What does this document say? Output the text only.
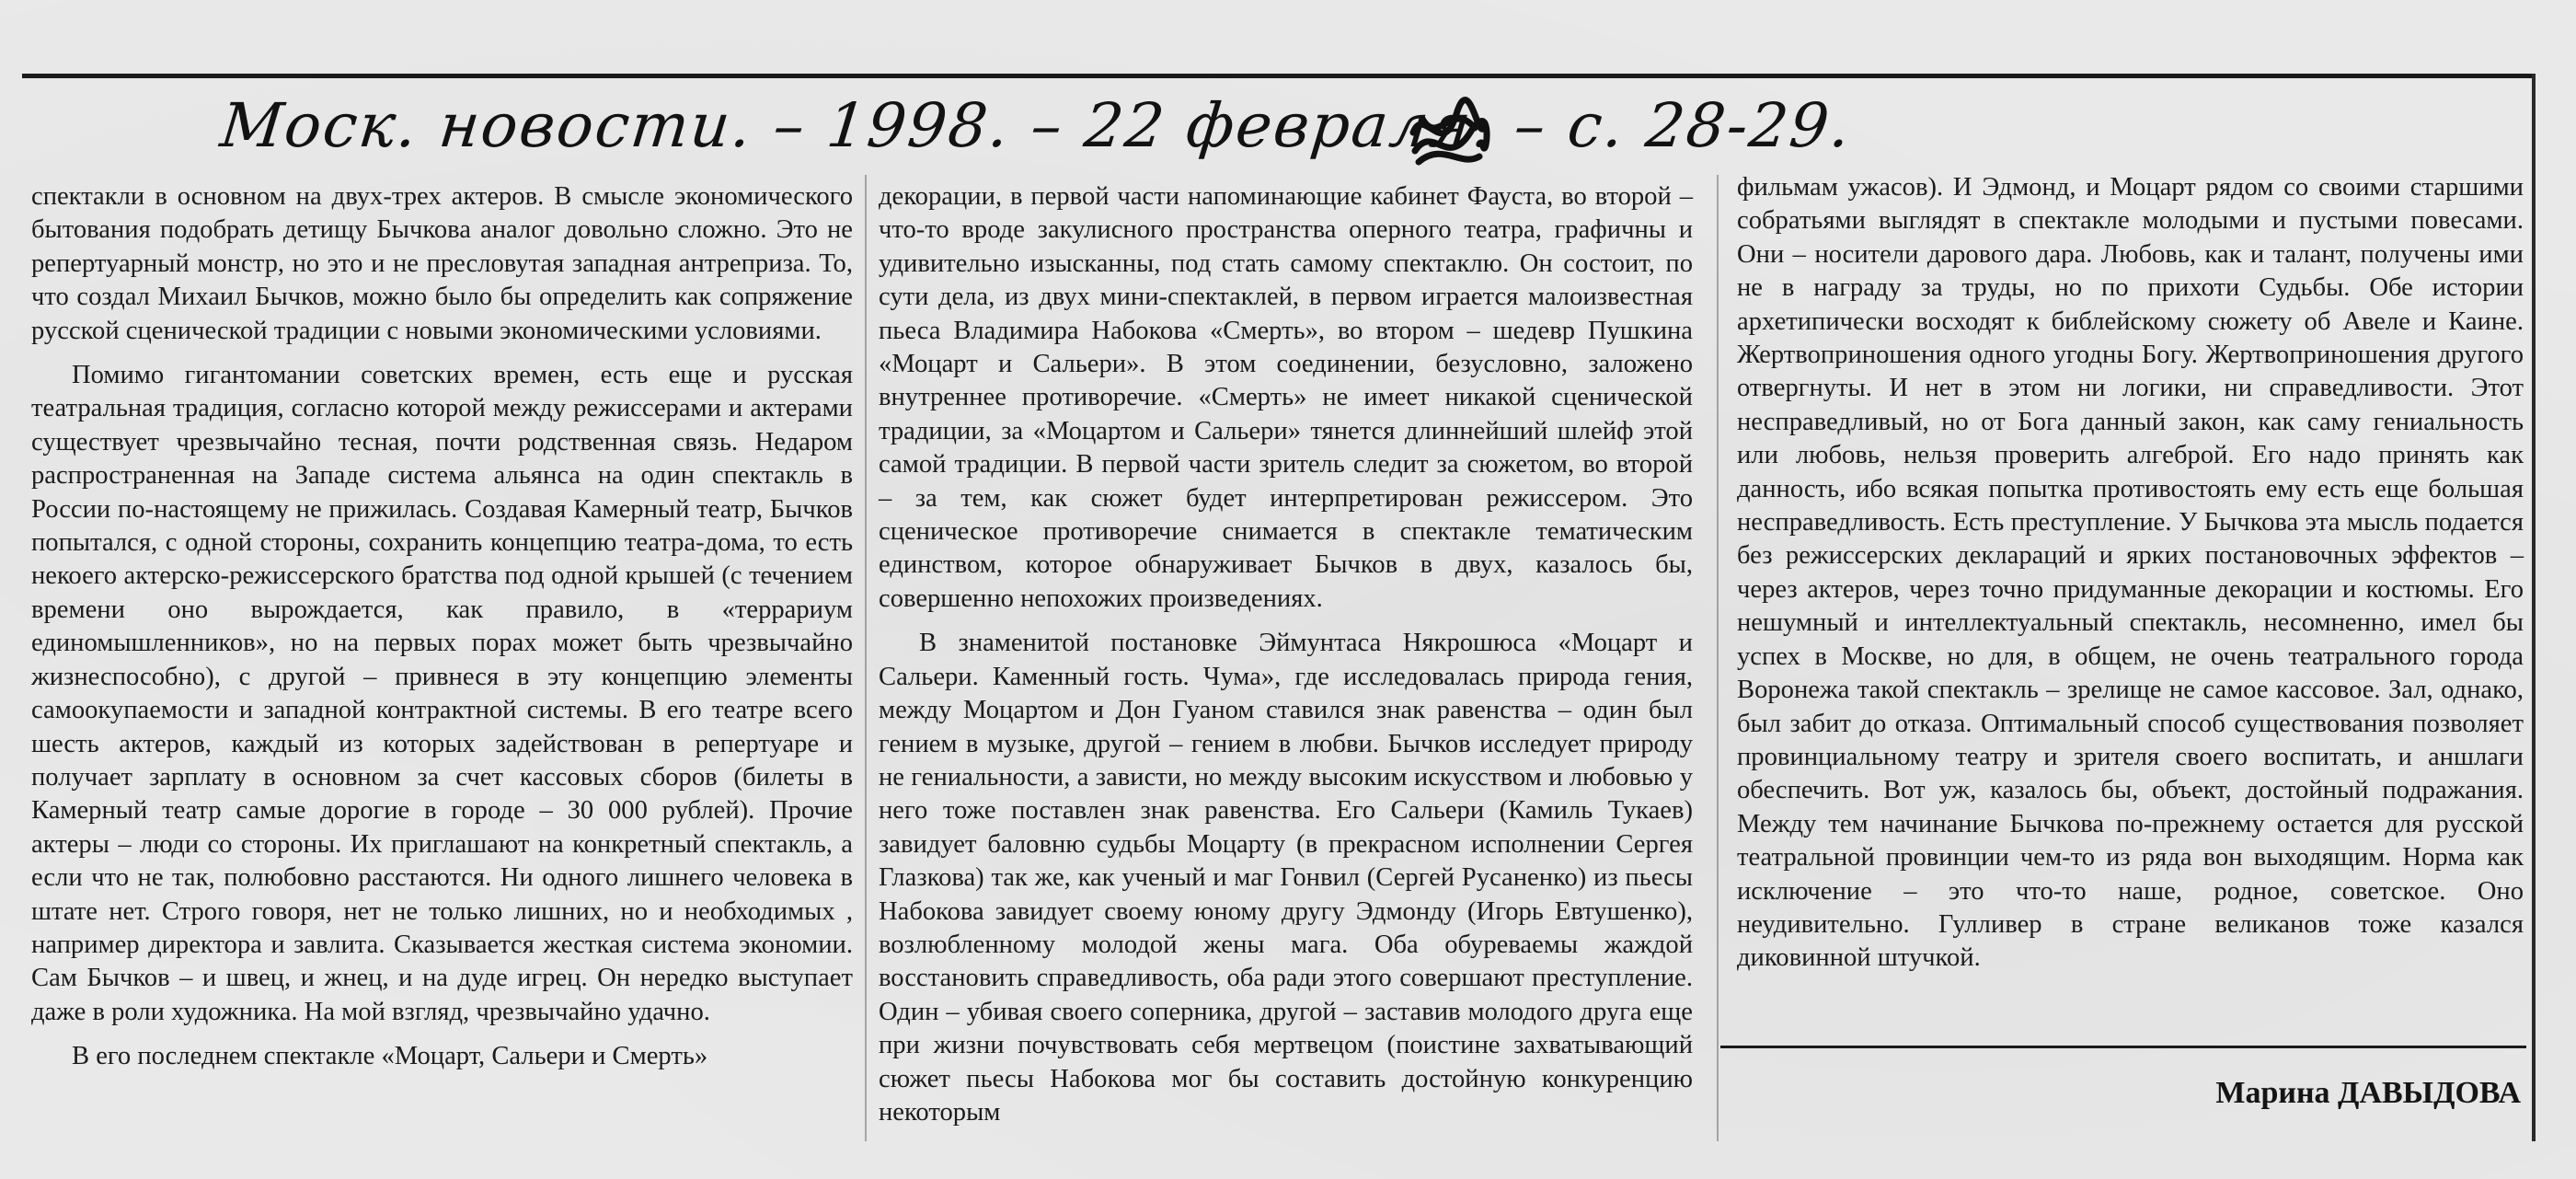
Моск. новости. – 1998. – 22 февраля. – с. 28-29.

спектакли в основном на двух-трех актеров. В смысле экономического бытования подобрать детищу Бычкова аналог довольно сложно. Это не репертуарный монстр, но это и не пресловутая западная антреприза. То, что создал Михаил Бычков, можно было бы определить как сопряжение русской сценической традиции с новыми экономическими условиями.

Помимо гигантомании советских времен, есть еще и русская театральная традиция, согласно которой между режиссерами и актерами существует чрезвычайно тесная, почти родственная связь. Недаром распространенная на Западе система альянса на один спектакль в России по-настоящему не прижилась. Создавая Камерный театр, Бычков попытался, с одной стороны, сохранить концепцию театра-дома, то есть некоего актерско-режиссерского братства под одной крышей (с течением времени оно вырождается, как правило, в «террариум единомышленников», но на первых порах может быть чрезвычайно жизнеспособно), с другой – привнеся в эту концепцию элементы самоокупаемости и западной контрактной системы. В его театре всего шесть актеров, каждый из которых задействован в репертуаре и получает зарплату в основном за счет кассовых сборов (билеты в Камерный театр самые дорогие в городе – 30 000 рублей). Прочие актеры – люди со стороны. Их приглашают на конкретный спектакль, а если что не так, полюбовно расстаются. Ни одного лишнего человека в штате нет. Строго говоря, нет не только лишних, но и необходимых , например директора и завлита. Сказывается жесткая система экономии. Сам Бычков – и швец, и жнец, и на дуде игрец. Он нередко выступает даже в роли художника. На мой взгляд, чрезвычайно удачно.

В его последнем спектакле «Моцарт, Сальери и Смерть»

декорации, в первой части напоминающие кабинет Фауста, во второй – что-то вроде закулисного пространства оперного театра, графичны и удивительно изысканны, под стать самому спектаклю. Он состоит, по сути дела, из двух мини-спектаклей, в первом играется малоизвестная пьеса Владимира Набокова «Смерть», во втором – шедевр Пушкина «Моцарт и Сальери». В этом соединении, безусловно, заложено внутреннее противоречие. «Смерть» не имеет никакой сценической традиции, за «Моцартом и Сальери» тянется длиннейший шлейф этой самой традиции. В первой части зритель следит за сюжетом, во второй – за тем, как сюжет будет интерпретирован режиссером. Это сценическое противоречие снимается в спектакле тематическим единством, которое обнаруживает Бычков в двух, казалось бы, совершенно непохожих произведениях.

В знаменитой постановке Эймунтаса Някрошюса «Моцарт и Сальери. Каменный гость. Чума», где исследовалась природа гения, между Моцартом и Дон Гуаном ставился знак равенства – один был гением в музыке, другой – гением в любви. Бычков исследует природу не гениальности, а зависти, но между высоким искусством и любовью у него тоже поставлен знак равенства. Его Сальери (Камиль Тукаев) завидует баловню судьбы Моцарту (в прекрасном исполнении Сергея Глазкова) так же, как ученый и маг Гонвил (Сергей Русаненко) из пьесы Набокова завидует своему юному другу Эдмонду (Игорь Евтушенко), возлюбленному молодой жены мага. Оба обуреваемы жаждой восстановить справедливость, оба ради этого совершают преступление. Один – убивая своего соперника, другой – заставив молодого друга еще при жизни почувствовать себя мертвецом (поистине захватывающий сюжет пьесы Набокова мог бы составить достойную конкуренцию некоторым

фильмам ужасов). И Эдмонд, и Моцарт рядом со своими старшими собратьями выглядят в спектакле молодыми и пустыми повесами. Они – носители дарового дара. Любовь, как и талант, получены ими не в награду за труды, но по прихоти Судьбы. Обе истории архетипически восходят к библейскому сюжету об Авеле и Каине. Жертвоприношения одного угодны Богу. Жертвоприношения другого отвергнуты. И нет в этом ни логики, ни справедливости. Этот несправедливый, но от Бога данный закон, как саму гениальность или любовь, нельзя проверить алгеброй. Его надо принять как данность, ибо всякая попытка противостоять ему есть еще большая несправедливость. Есть преступление. У Бычкова эта мысль подается без режиссерских деклараций и ярких постановочных эффектов – через актеров, через точно придуманные декорации и костюмы. Его нешумный и интеллектуальный спектакль, несомненно, имел бы успех в Москве, но для, в общем, не очень театрального города Воронежа такой спектакль – зрелище не самое кассовое. Зал, однако, был забит до отказа. Оптимальный способ существования позволяет провинциальному театру и зрителя своего воспитать, и аншлаги обеспечить. Вот уж, казалось бы, объект, достойный подражания. Между тем начинание Бычкова по-прежнему остается для русской театральной провинции чем-то из ряда вон выходящим. Норма как исключение – это что-то наше, родное, советское. Оно неудивительно. Гулливер в стране великанов тоже казался диковинной штучкой.

Марина ДАВЫДОВА
